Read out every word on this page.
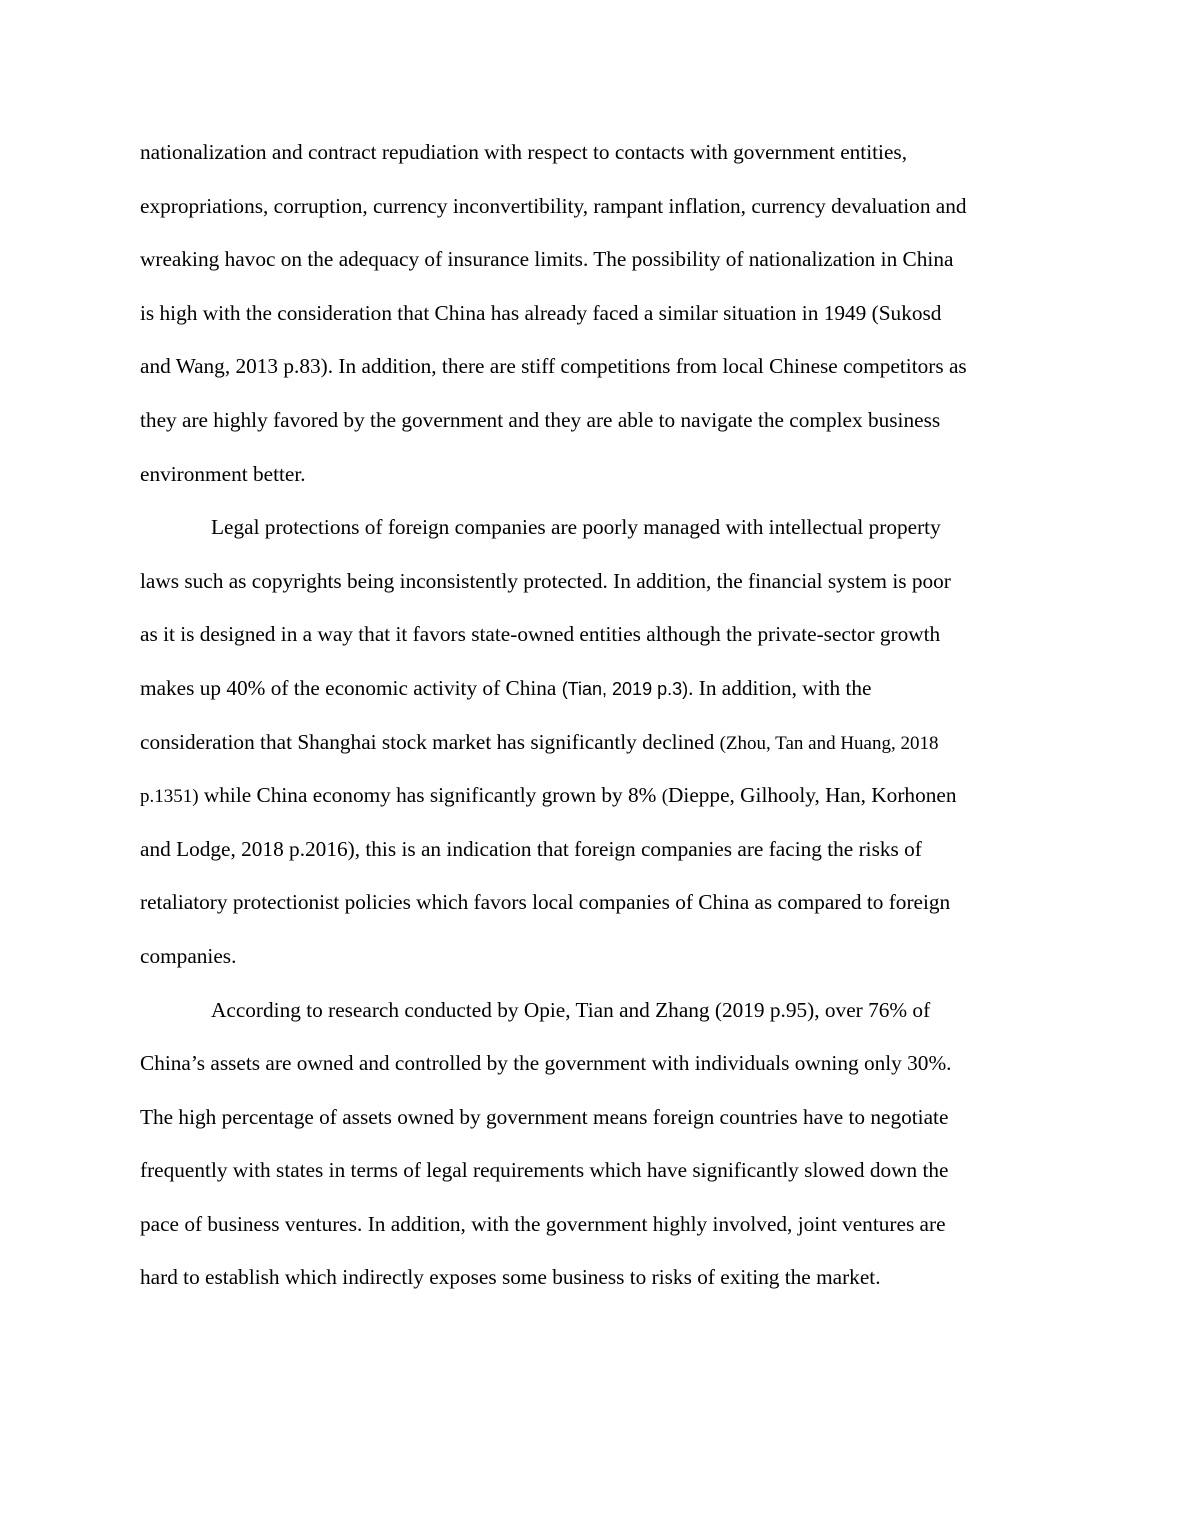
nationalization and contract repudiation with respect to contacts with government entities,
expropriations, corruption, currency inconvertibility, rampant inflation, currency devaluation and
wreaking havoc on the adequacy of insurance limits. The possibility of nationalization in China
is high with the consideration that China has already faced a similar situation in 1949 (Sukosd
and Wang, 2013 p.83). In addition, there are stiff competitions from local Chinese competitors as
they are highly favored by the government and they are able to navigate the complex business
environment better.
Legal protections of foreign companies are poorly managed with intellectual property
laws such as copyrights being inconsistently protected. In addition, the financial system is poor
as it is designed in a way that it favors state-owned entities although the private-sector growth
makes up 40% of the economic activity of China (Tian, 2019 p.3). In addition, with the
consideration that Shanghai stock market has significantly declined (Zhou, Tan and Huang, 2018
p.1351) while China economy has significantly grown by 8% (Dieppe, Gilhooly, Han, Korhonen
and Lodge, 2018 p.2016), this is an indication that foreign companies are facing the risks of
retaliatory protectionist policies which favors local companies of China as compared to foreign
companies.
According to research conducted by Opie, Tian and Zhang (2019 p.95), over 76% of
China’s assets are owned and controlled by the government with individuals owning only 30%.
The high percentage of assets owned by government means foreign countries have to negotiate
frequently with states in terms of legal requirements which have significantly slowed down the
pace of business ventures. In addition, with the government highly involved, joint ventures are
hard to establish which indirectly exposes some business to risks of exiting the market.
